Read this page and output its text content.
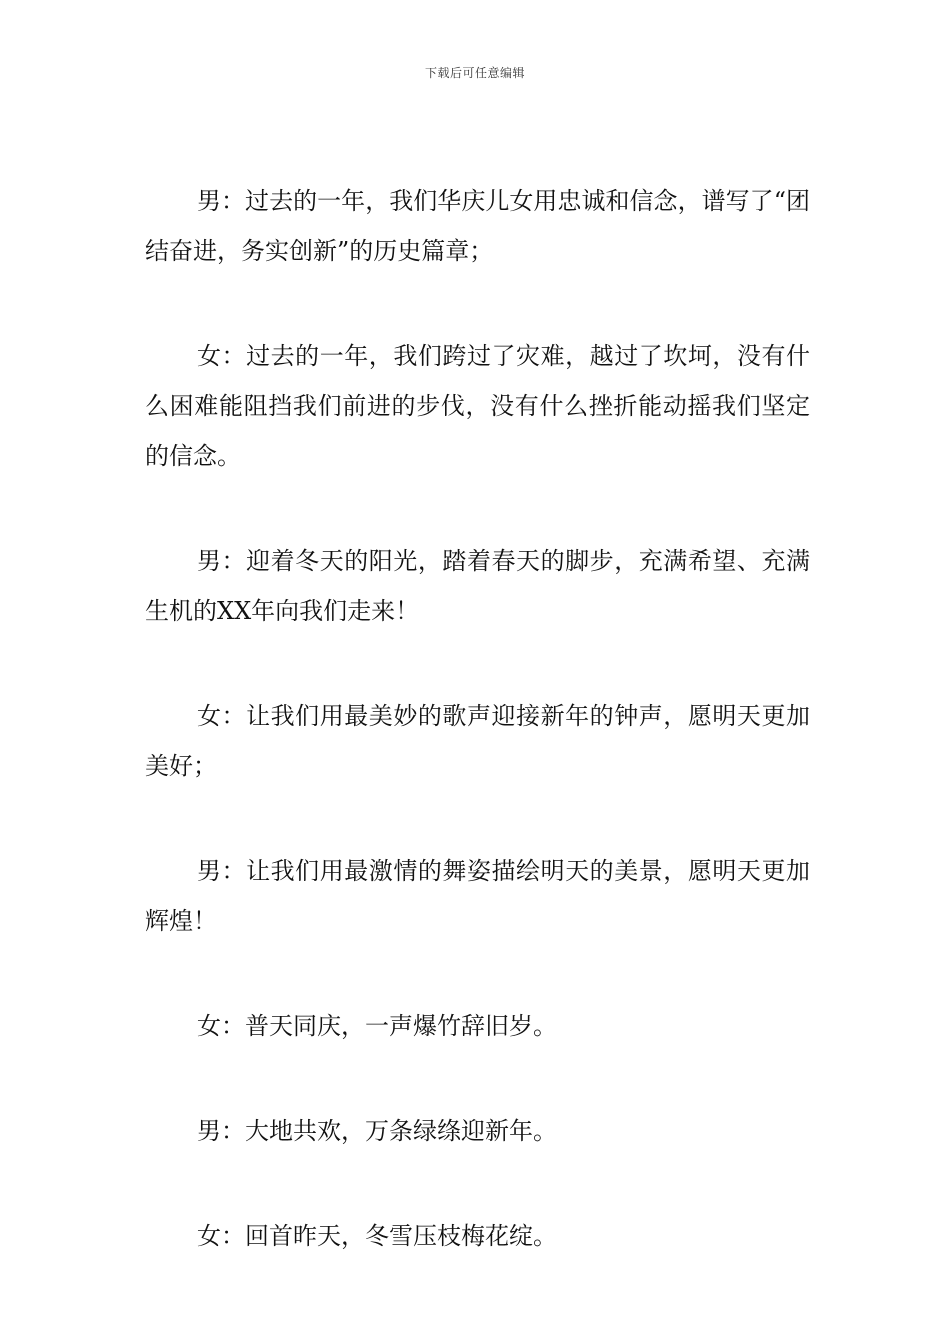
下载后可任意编辑

男：过去的一年，我们华庆儿女用忠诚和信念，谱写了“团结奋进，务实创新”的历史篇章；

女：过去的一年，我们跨过了灾难，越过了坎坷，没有什么困难能阻挡我们前进的步伐，没有什么挫折能动摇我们坚定的信念。

男：迎着冬天的阳光，踏着春天的脚步，充满希望、充满生机的XX年向我们走来！

女：让我们用最美妙的歌声迎接新年的钟声，愿明天更加美好；

男：让我们用最激情的舞姿描绘明天的美景，愿明天更加辉煌！

女：普天同庆，一声爆竹辞旧岁。

男：大地共欢，万条绿绦迎新年。

女：回首昨天，冬雪压枝梅花绽。
